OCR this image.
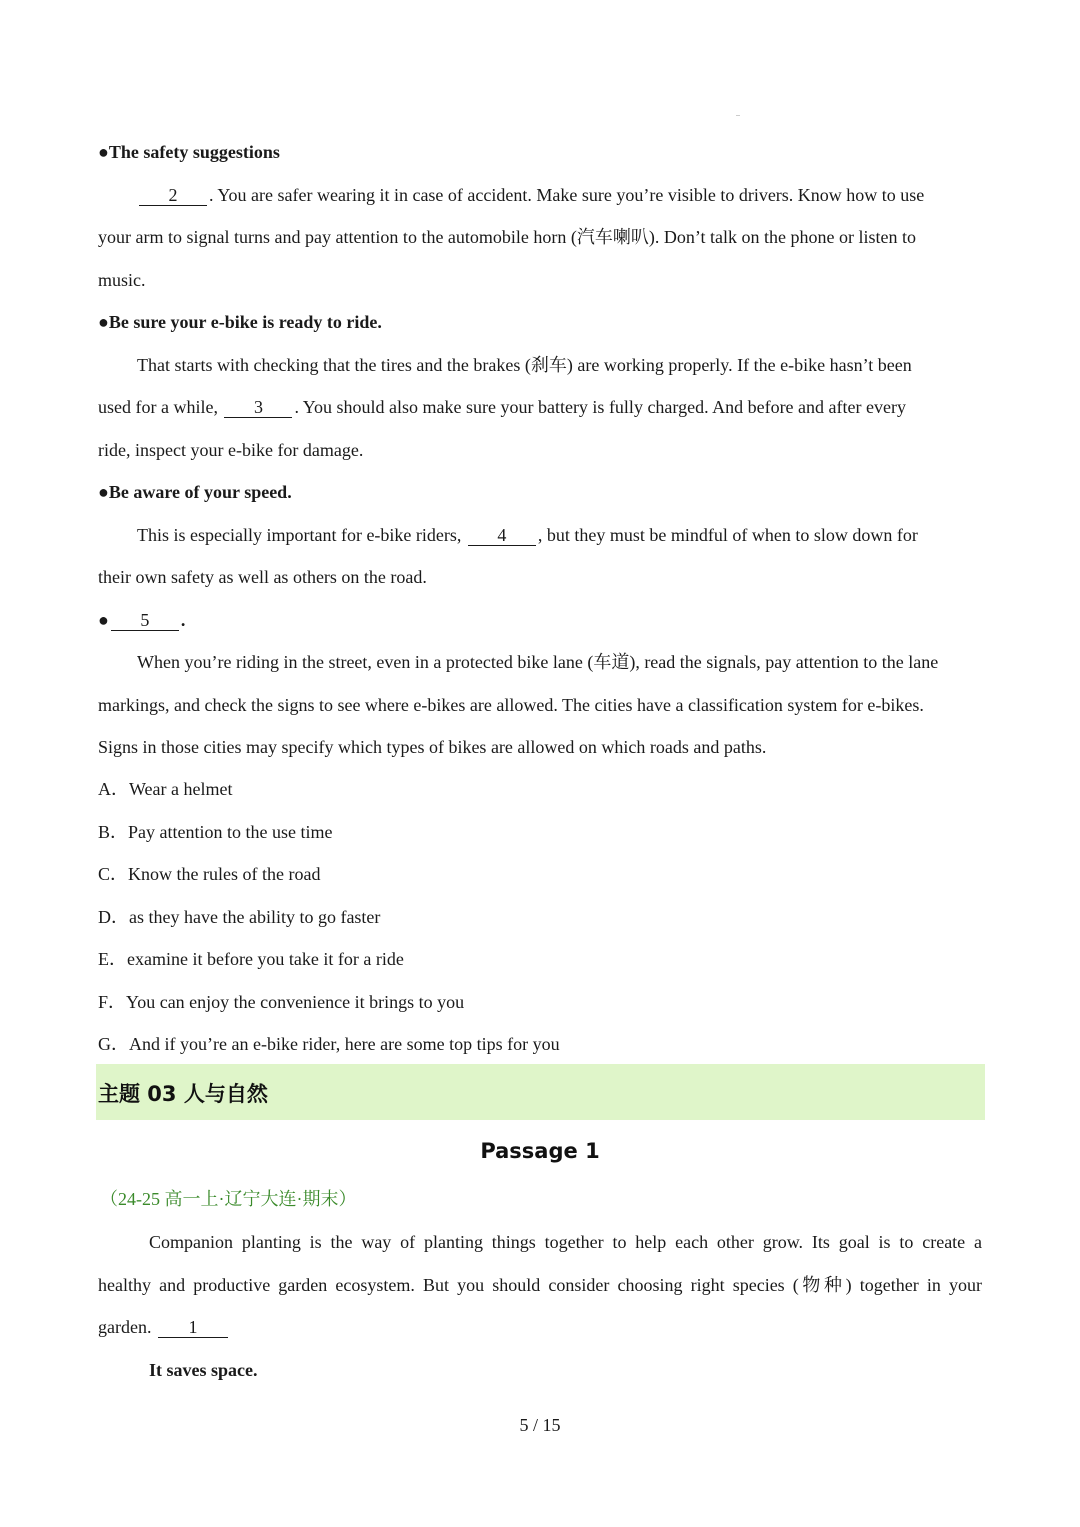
●The safety suggestions
2 . You are safer wearing it in case of accident. Make sure you’re visible to drivers. Know how to use
your arm to signal turns and pay attention to the automobile horn (汽车喇叭). Don’t talk on the phone or listen to
music.
●Be sure your e-bike is ready to ride.
That starts with checking that the tires and the brakes (刹车) are working properly. If the e-bike hasn’t been
used for a while, 3 . You should also make sure your battery is fully charged. And before and after every
ride, inspect your e-bike for damage.
●Be aware of your speed.
This is especially important for e-bike riders, 4 , but they must be mindful of when to slow down for
their own safety as well as others on the road.
● 5 .
When you’re riding in the street, even in a protected bike lane (车道), read the signals, pay attention to the lane
markings, and check the signs to see where e-bikes are allowed. The cities have a classification system for e-bikes.
Signs in those cities may specify which types of bikes are allowed on which roads and paths.
A．Wear a helmet
B．Pay attention to the use time
C．Know the rules of the road
D．as they have the ability to go faster
E．examine it before you take it for a ride
F．You can enjoy the convenience it brings to you
G．And if you’re an e-bike rider, here are some top tips for you
主题 03 人与自然
Passage 1
（24-25 高一上·辽宁大连·期末）
Companion planting is the way of planting things together to help each other grow. Its goal is to create a
healthy and productive garden ecosystem. But you should consider choosing right species (物种) together in your
garden. 1
It saves space.
5 / 15
